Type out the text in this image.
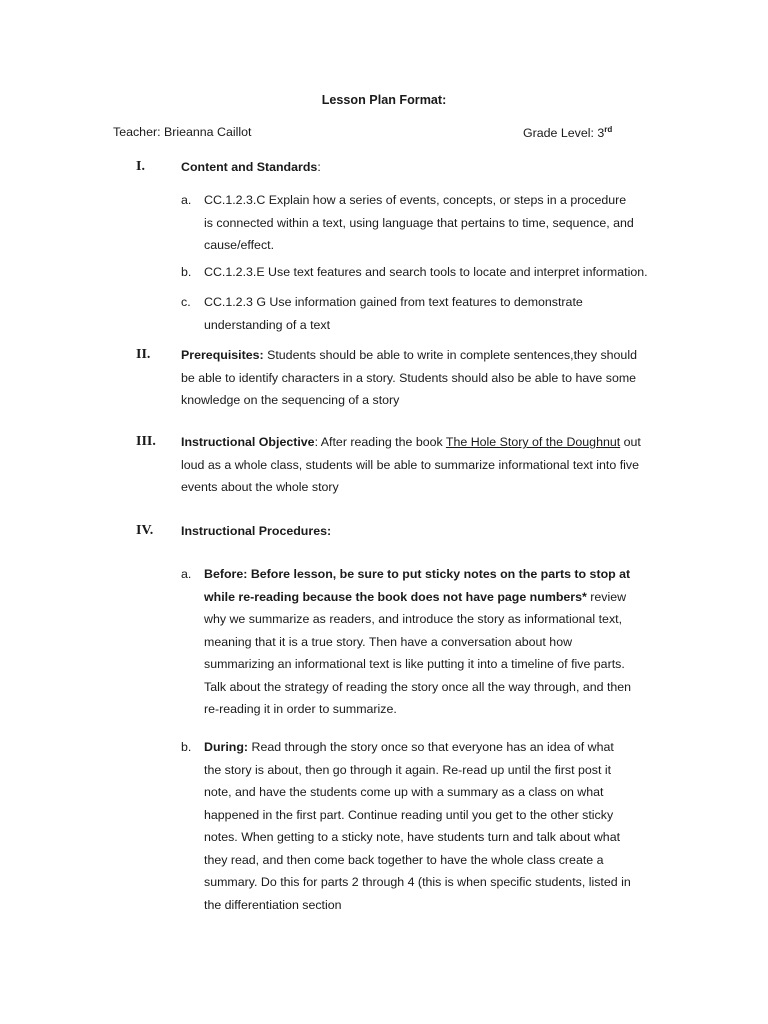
Lesson Plan Format:
Teacher: Brieanna Caillot	Grade Level: 3rd
I.	Content and Standards:
a. CC.1.2.3.C Explain how a series of events, concepts, or steps in a procedure is connected within a text, using language that pertains to time, sequence, and cause/effect.
b. CC.1.2.3.E Use text features and search tools to locate and interpret information.
c. CC.1.2.3 G Use information gained from text features to demonstrate understanding of a text
II. Prerequisites: Students should be able to write in complete sentences,they should be able to identify characters in a story. Students should also be able to have some knowledge on the sequencing of a story
III. Instructional Objective: After reading the book The Hole Story of the Doughnut out loud as a whole class, students will be able to summarize informational text into five events about the whole story
IV. Instructional Procedures:
a. Before: Before lesson, be sure to put sticky notes on the parts to stop at while re-reading because the book does not have page numbers* review why we summarize as readers, and introduce the story as informational text, meaning that it is a true story. Then have a conversation about how summarizing an informational text is like putting it into a timeline of five parts. Talk about the strategy of reading the story once all the way through, and then re-reading it in order to summarize.
b. During: Read through the story once so that everyone has an idea of what the story is about, then go through it again. Re-read up until the first post it note, and have the students come up with a summary as a class on what happened in the first part. Continue reading until you get to the other sticky notes. When getting to a sticky note, have students turn and talk about what they read, and then come back together to have the whole class create a summary. Do this for parts 2 through 4 (this is when specific students, listed in the differentiation section
